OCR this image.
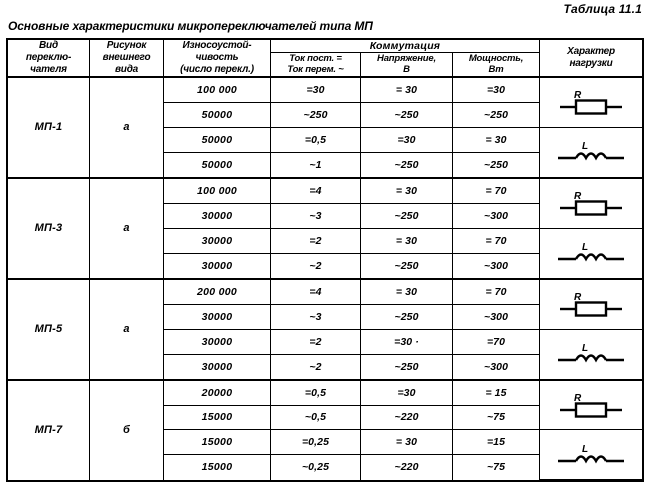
Таблица 11.1
Основные характеристики микропереключателей типа МП
Вид
переклю-
чателя

Рисунок
внешнего
вида

Износоустой-
чивость
(число перекл.)
	Коммутация	Характер
нагрузки

Ток пост. =
Ток перем. ~

Напряжение,
В

Мощность,
Вт

МП-1	а	100 000	=30	= 30	=30	R

		50000	~250	~250	~250	
		50000	=0,5	=30	= 30	L

		50000	~1	~250	~250	
МП-3	а	100 000	=4	= 30	= 70	R

		30000	~3	~250	~300	
		30000	=2	= 30	= 70	L

		30000	~2	~250	~300	
МП-5	а	200 000	=4	= 30	= 70	R

		30000	~3	~250	~300	
		30000	=2	=30 ·	=70	L

		30000	~2	~250	~300	
МП-7	б	20000	=0,5	=30	= 15	R

		15000	~0,5	~220	~75	
		15000	=0,25	= 30	=15	L

		15000	~0,25	~220	~75	
